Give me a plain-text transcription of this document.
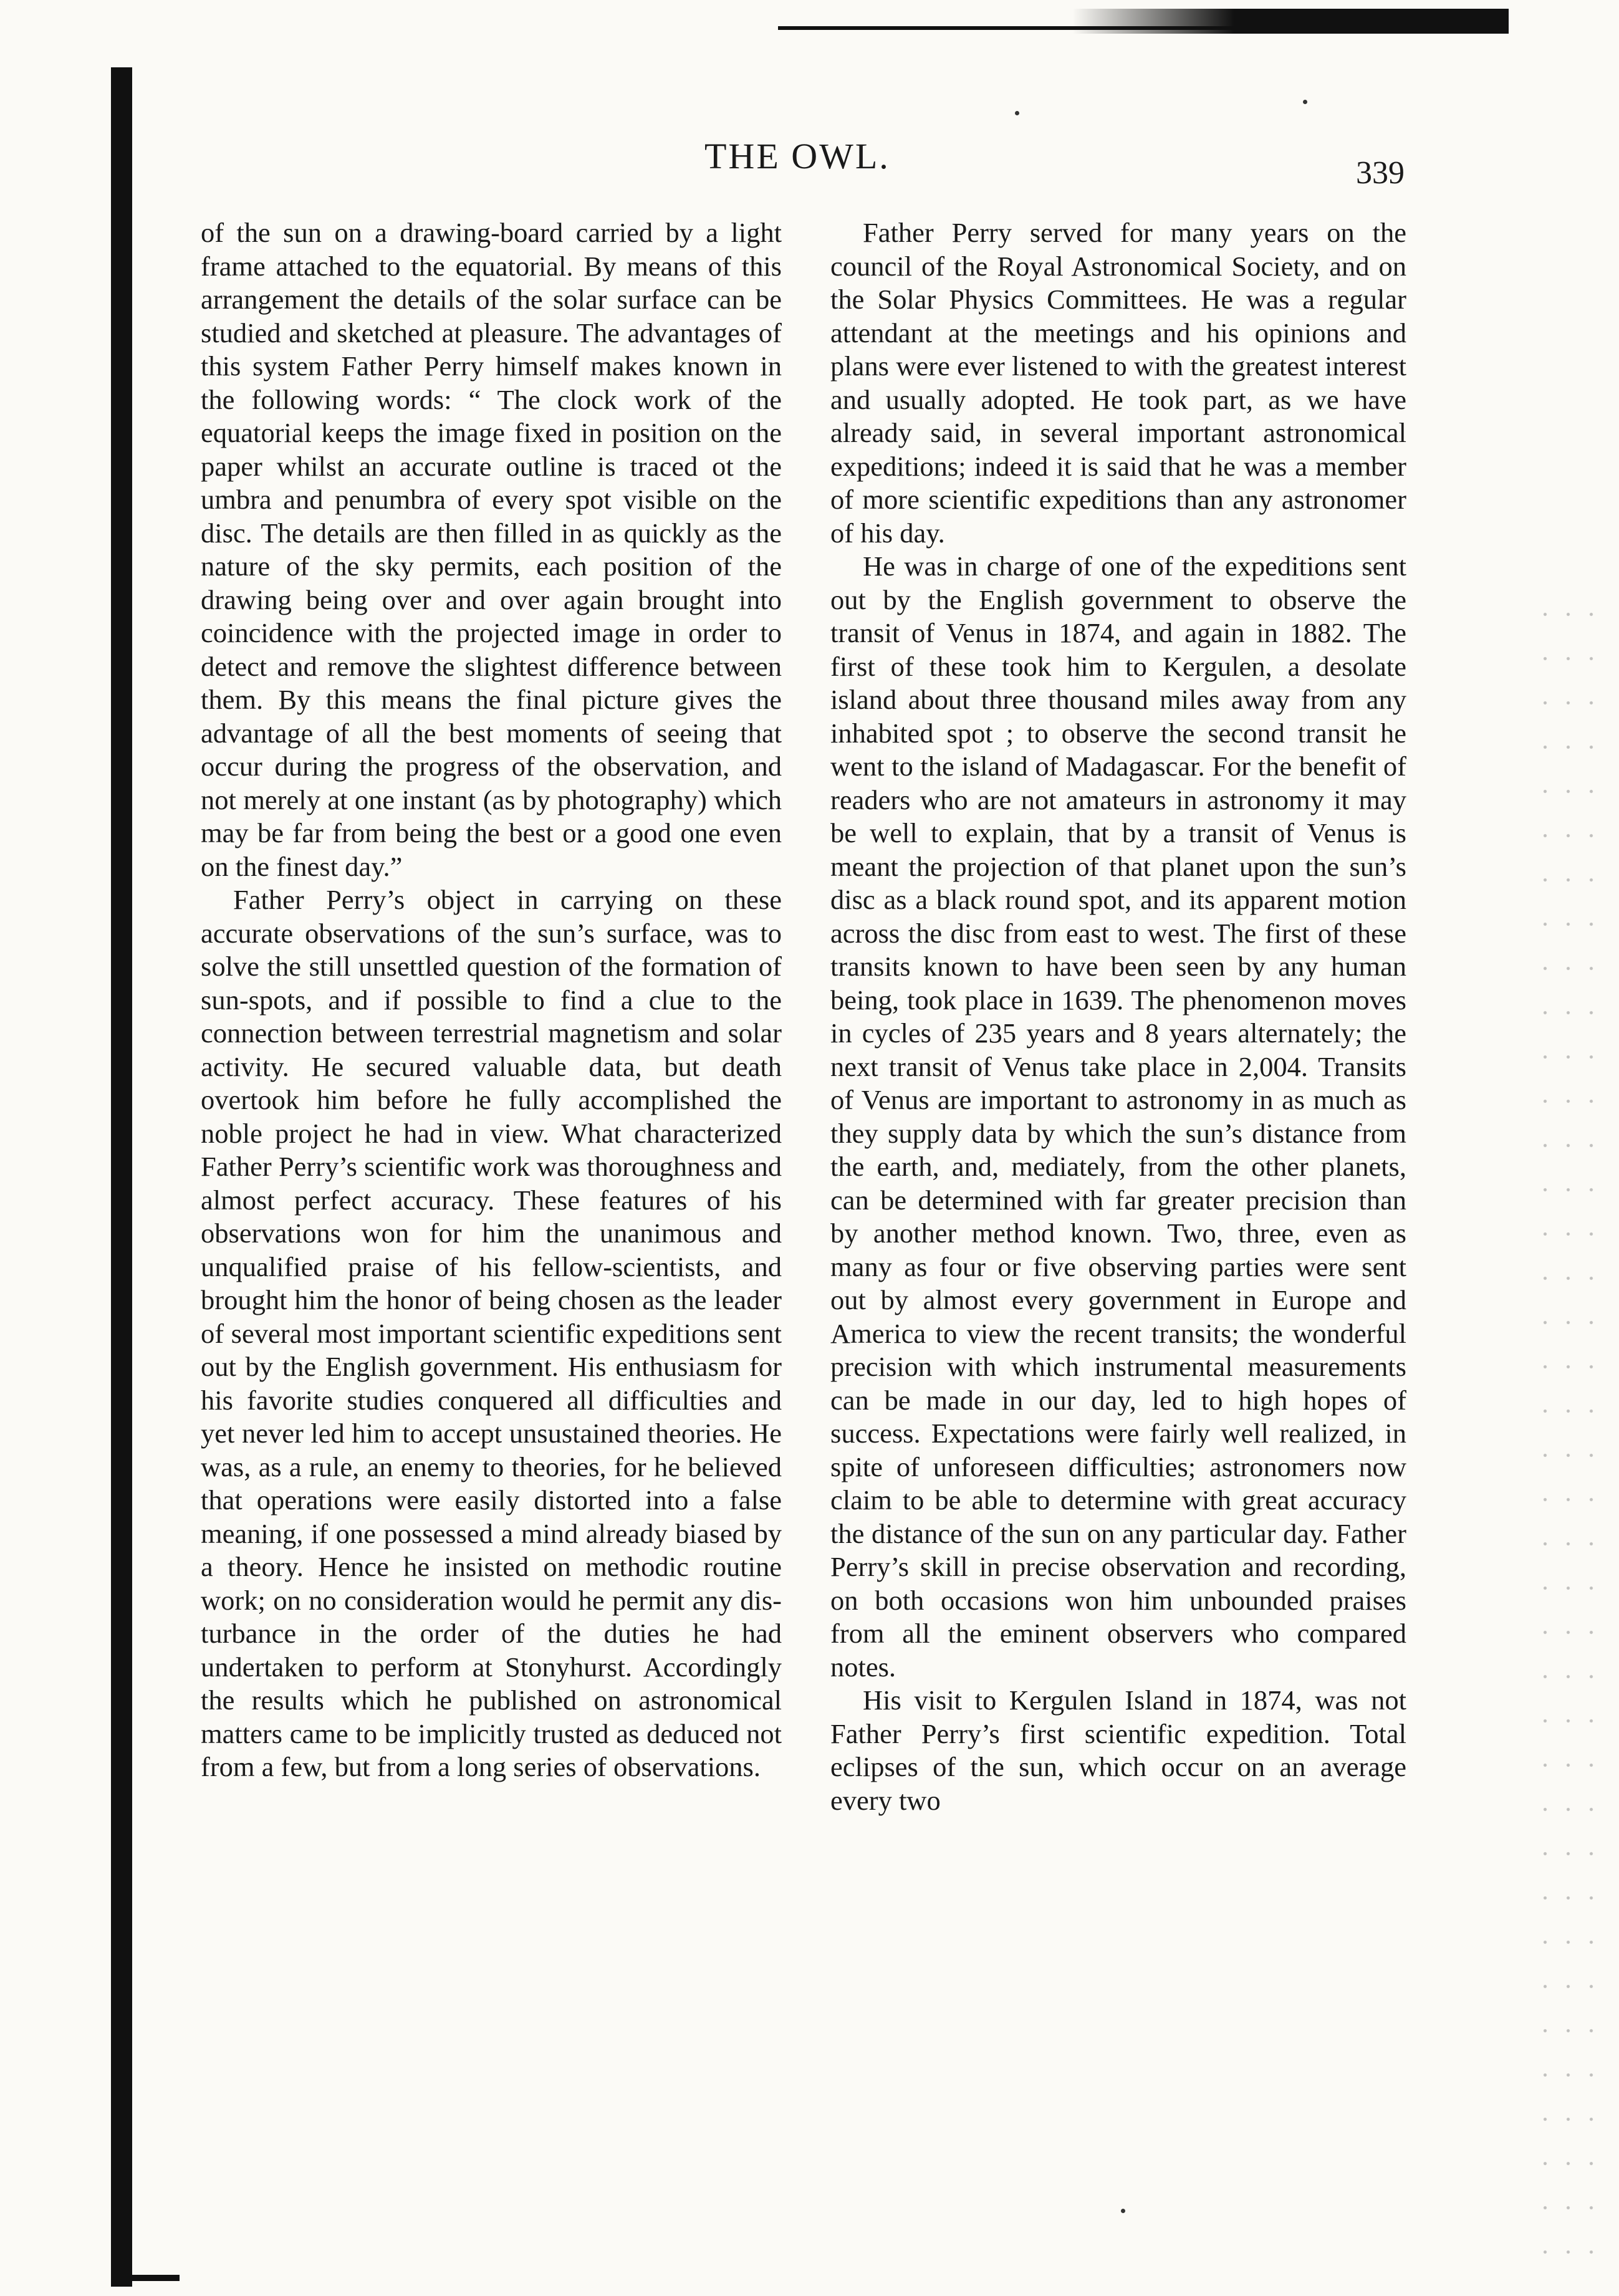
THE OWL.	339

of the sun on a drawing-board carried by a light frame attached to the equatorial. By means of this arrangement the details of the solar surface can be studied and sketched at pleasure. The advantages of this system Father Perry himself makes known in the following words: “ The clock work of the equatorial keeps the image fixed in position on the paper whilst an accurate outline is traced ot the umbra and penumbra of every spot visible on the disc. The details are then filled in as quickly as the nature of the sky permits, each position of the drawing being over and over again brought into coincidence with the projected image in order to detect and remove the slightest difference between them. By this means the final picture gives the advantage of all the best moments of seeing that occur during the progress of the observation, and not merely at one instant (as by photography) which may be far from being the best or a good one even on the finest day.”

Father Perry’s object in carrying on these accurate observations of the sun’s surface, was to solve the still unsettled question of the formation of sun-spots, and if possible to find a clue to the connection between terrestrial magnetism and solar activity. He secured valuable data, but death overtook him before he fully accomplished the noble project he had in view. What characterized Father Perry’s scientific work was thoroughness and almost perfect accuracy. These features of his observations won for him the unanimous and unqualified praise of his fellow-scientists, and brought him the honor of being chosen as the leader of several most important scientific expeditions sent out by the English government. His enthusiasm for his favorite studies conquered all difficulties and yet never led him to accept unsustained theories. He was, as a rule, an enemy to theories, for he believed that operations were easily distorted into a false meaning, if one possessed a mind already biased by a theory. Hence he insisted on methodic routine work; on no consideration would he permit any disturbance in the order of the duties he had undertaken to perform at Stonyhurst. Accordingly the results which he published on astronomical matters came to be implicitly trusted as deduced not from a few, but from a long series of observations.

Father Perry served for many years on the council of the Royal Astronomical Society, and on the Solar Physics Committees. He was a regular attendant at the meetings and his opinions and plans were ever listened to with the greatest interest and usually adopted. He took part, as we have already said, in several important astronomical expeditions; indeed it is said that he was a member of more scientific expeditions than any astronomer of his day.

He was in charge of one of the expeditions sent out by the English government to observe the transit of Venus in 1874, and again in 1882. The first of these took him to Kergulen, a desolate island about three thousand miles away from any inhabited spot ; to observe the second transit he went to the island of Madagascar. For the benefit of readers who are not amateurs in astronomy it may be well to explain, that by a transit of Venus is meant the projection of that planet upon the sun’s disc as a black round spot, and its apparent motion across the disc from east to west. The first of these transits known to have been seen by any human being, took place in 1639. The phenomenon moves in cycles of 235 years and 8 years alternately; the next transit of Venus take place in 2,004. Transits of Venus are important to astronomy in as much as they supply data by which the sun’s distance from the earth, and, mediately, from the other planets, can be determined with far greater precision than by another method known. Two, three, even as many as four or five observing parties were sent out by almost every government in Europe and America to view the recent transits; the wonderful precision with which instrumental measurements can be made in our day, led to high hopes of success. Expectations were fairly well realized, in spite of unforeseen difficulties; astronomers now claim to be able to determine with great accuracy the distance of the sun on any particular day. Father Perry’s skill in precise observation and recording, on both occasions won him unbounded praises from all the eminent observers who compared notes.

His visit to Kergulen Island in 1874, was not Father Perry’s first scientific expedition. Total eclipses of the sun, which occur on an average every two
